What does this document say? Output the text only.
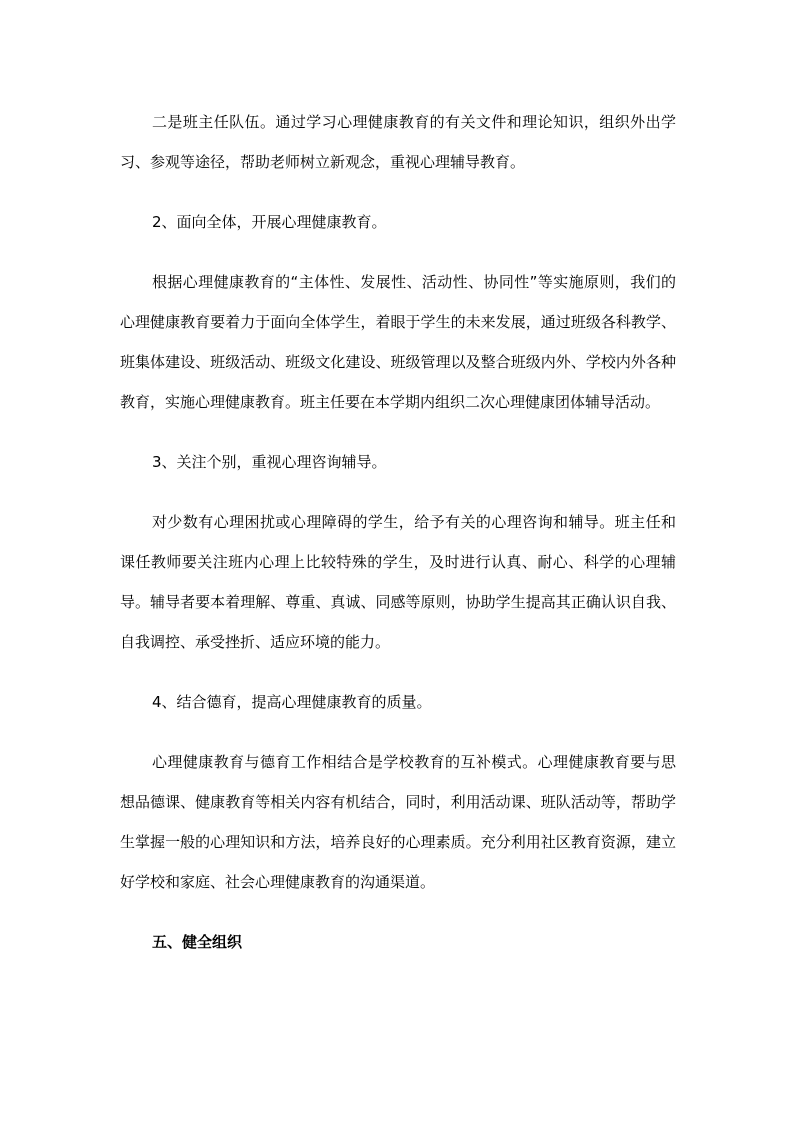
二是班主任队伍。通过学习心理健康教育的有关文件和理论知识，组织外出学习、参观等途径，帮助老师树立新观念，重视心理辅导教育。

2、面向全体，开展心理健康教育。

根据心理健康教育的“主体性、发展性、活动性、协同性”等实施原则，我们的心理健康教育要着力于面向全体学生，着眼于学生的未来发展，通过班级各科教学、班集体建设、班级活动、班级文化建设、班级管理以及整合班级内外、学校内外各种教育，实施心理健康教育。班主任要在本学期内组织二次心理健康团体辅导活动。

3、关注个别，重视心理咨询辅导。

对少数有心理困扰或心理障碍的学生，给予有关的心理咨询和辅导。班主任和课任教师要关注班内心理上比较特殊的学生，及时进行认真、耐心、科学的心理辅导。辅导者要本着理解、尊重、真诚、同感等原则，协助学生提高其正确认识自我、自我调控、承受挫折、适应环境的能力。

4、结合德育，提高心理健康教育的质量。

心理健康教育与德育工作相结合是学校教育的互补模式。心理健康教育要与思想品德课、健康教育等相关内容有机结合，同时，利用活动课、班队活动等，帮助学生掌握一般的心理知识和方法，培养良好的心理素质。充分利用社区教育资源，建立好学校和家庭、社会心理健康教育的沟通渠道。

五、健全组织
